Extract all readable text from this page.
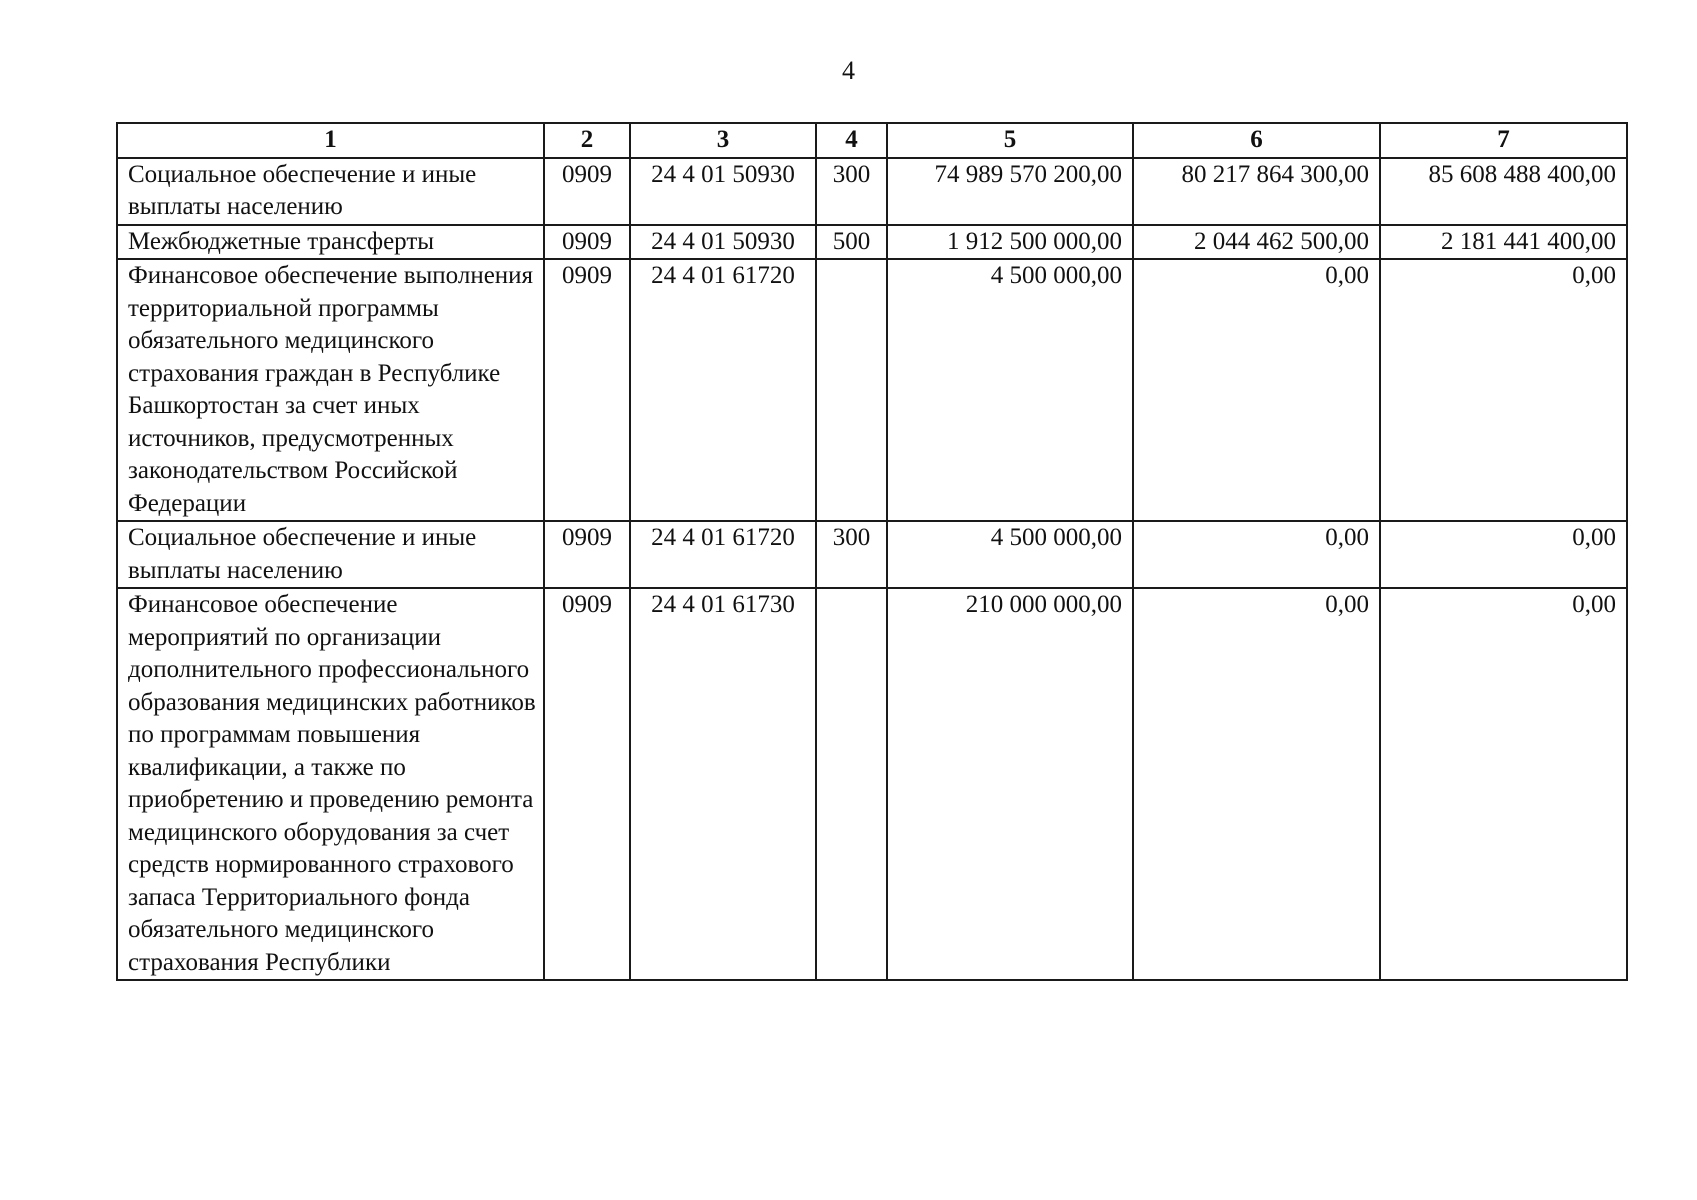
4
1	2	3	4	5	6	7
Социальное обеспечение и иные выплаты населению	0909	24 4 01 50930	300	74 989 570 200,00	80 217 864 300,00	85 608 488 400,00
Межбюджетные трансферты	0909	24 4 01 50930	500	1 912 500 000,00	2 044 462 500,00	2 181 441 400,00
Финансовое обеспечение выполнения территориальной программы обязательного медицинского страхования граждан в Республике Башкортостан за счет иных источников, предусмотренных законодательством Российской Федерации	0909	24 4 01 61720		4 500 000,00	0,00	0,00
Социальное обеспечение и иные выплаты населению	0909	24 4 01 61720	300	4 500 000,00	0,00	0,00
Финансовое обеспечение мероприятий по организации дополнительного профессионального образования медицинских работников по программам повышения квалификации, а также по приобретению и проведению ремонта медицинского оборудования за счет средств нормированного страхового запаса Территориального фонда обязательного медицинского страхования Республики	0909	24 4 01 61730		210 000 000,00	0,00	0,00
